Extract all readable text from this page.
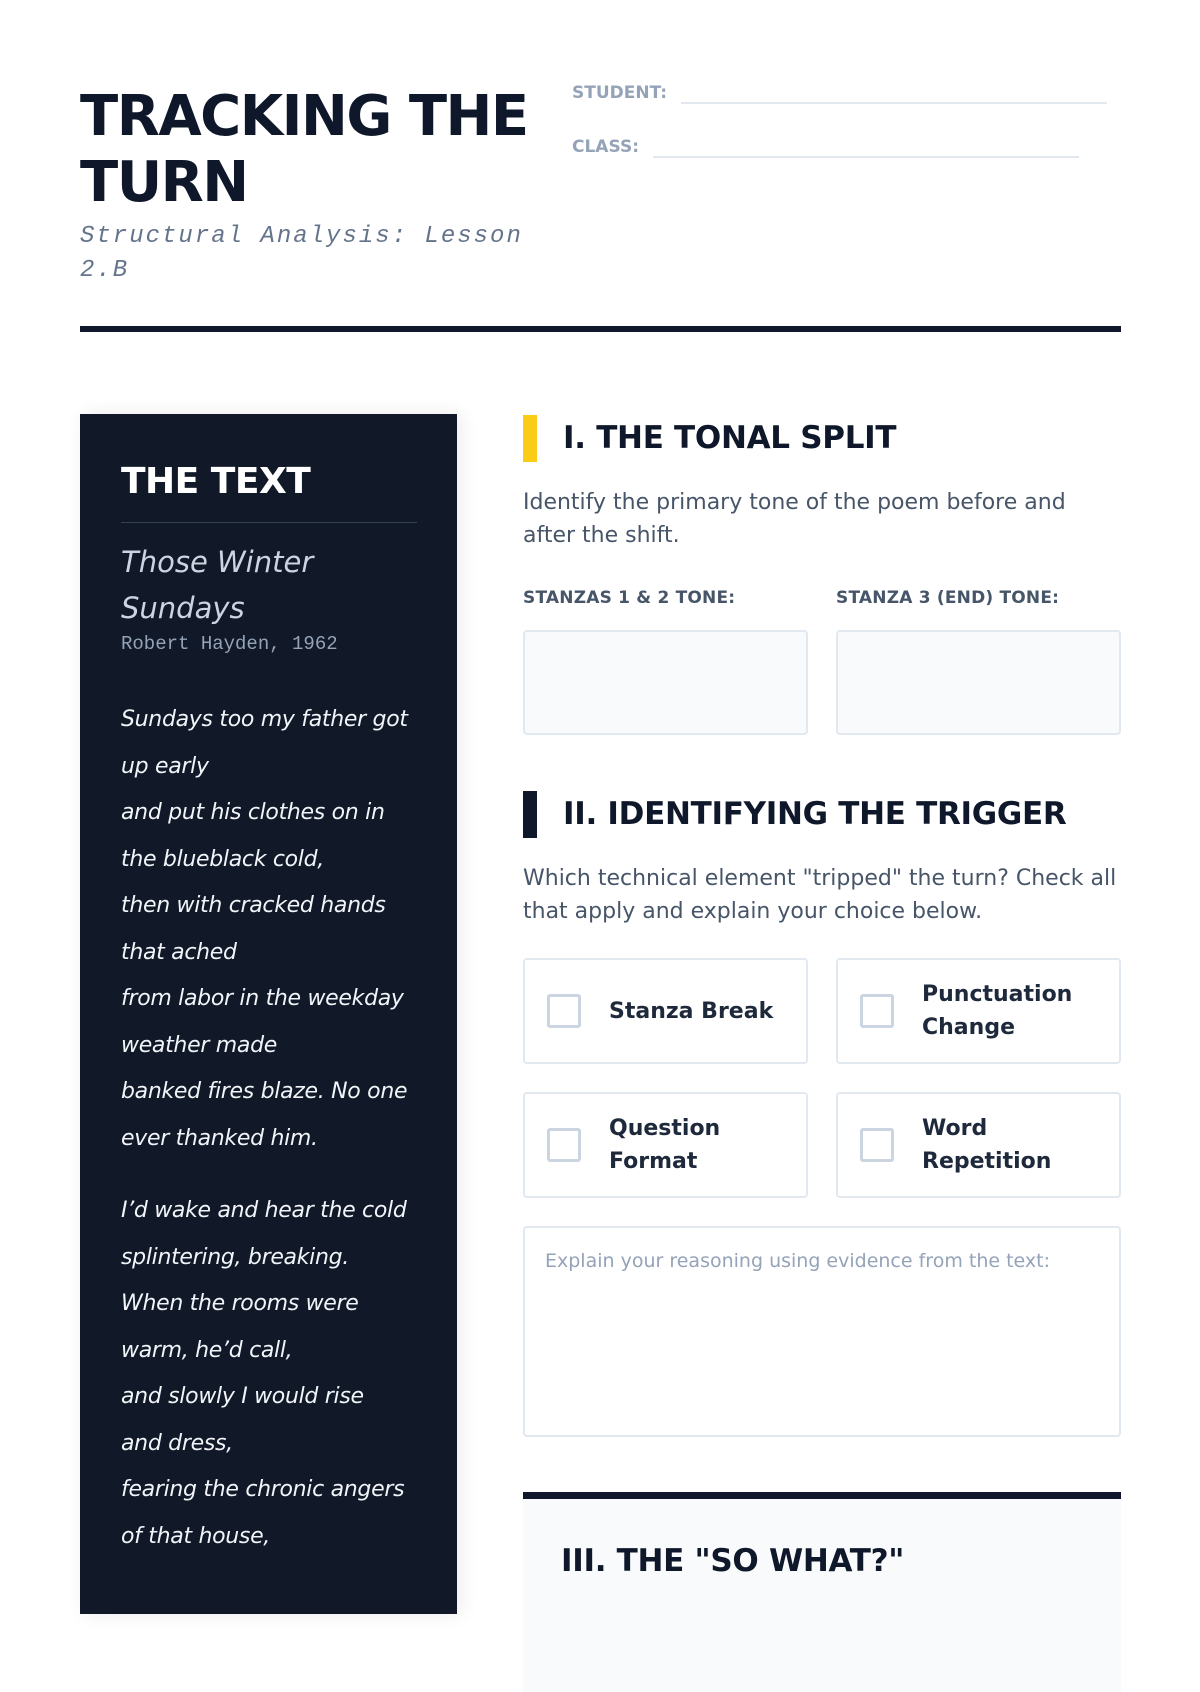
TRACKING THE TURN
Structural Analysis: Lesson 2.B
STUDENT:
CLASS:
THE TEXT
Those Winter Sundays
Robert Hayden, 1962
Sundays too my father got
up early
and put his clothes on in
the blueblack cold,
then with cracked hands
that ached
from labor in the weekday
weather made
banked fires blaze. No one
ever thanked him.
I’d wake and hear the cold
splintering, breaking.
When the rooms were
warm, he’d call,
and slowly I would rise
and dress,
fearing the chronic angers
of that house,
I. THE TONAL SPLIT
Identify the primary tone of the poem before and after the shift.
STANZAS 1 & 2 TONE:	STANZA 3 (END) TONE:
II. IDENTIFYING THE TRIGGER
Which technical element "tripped" the turn? Check all that apply and explain your choice below.
Stanza Break
Punctuation Change
Question Format
Word Repetition
Explain your reasoning using evidence from the text:
III. THE "SO WHAT?"
